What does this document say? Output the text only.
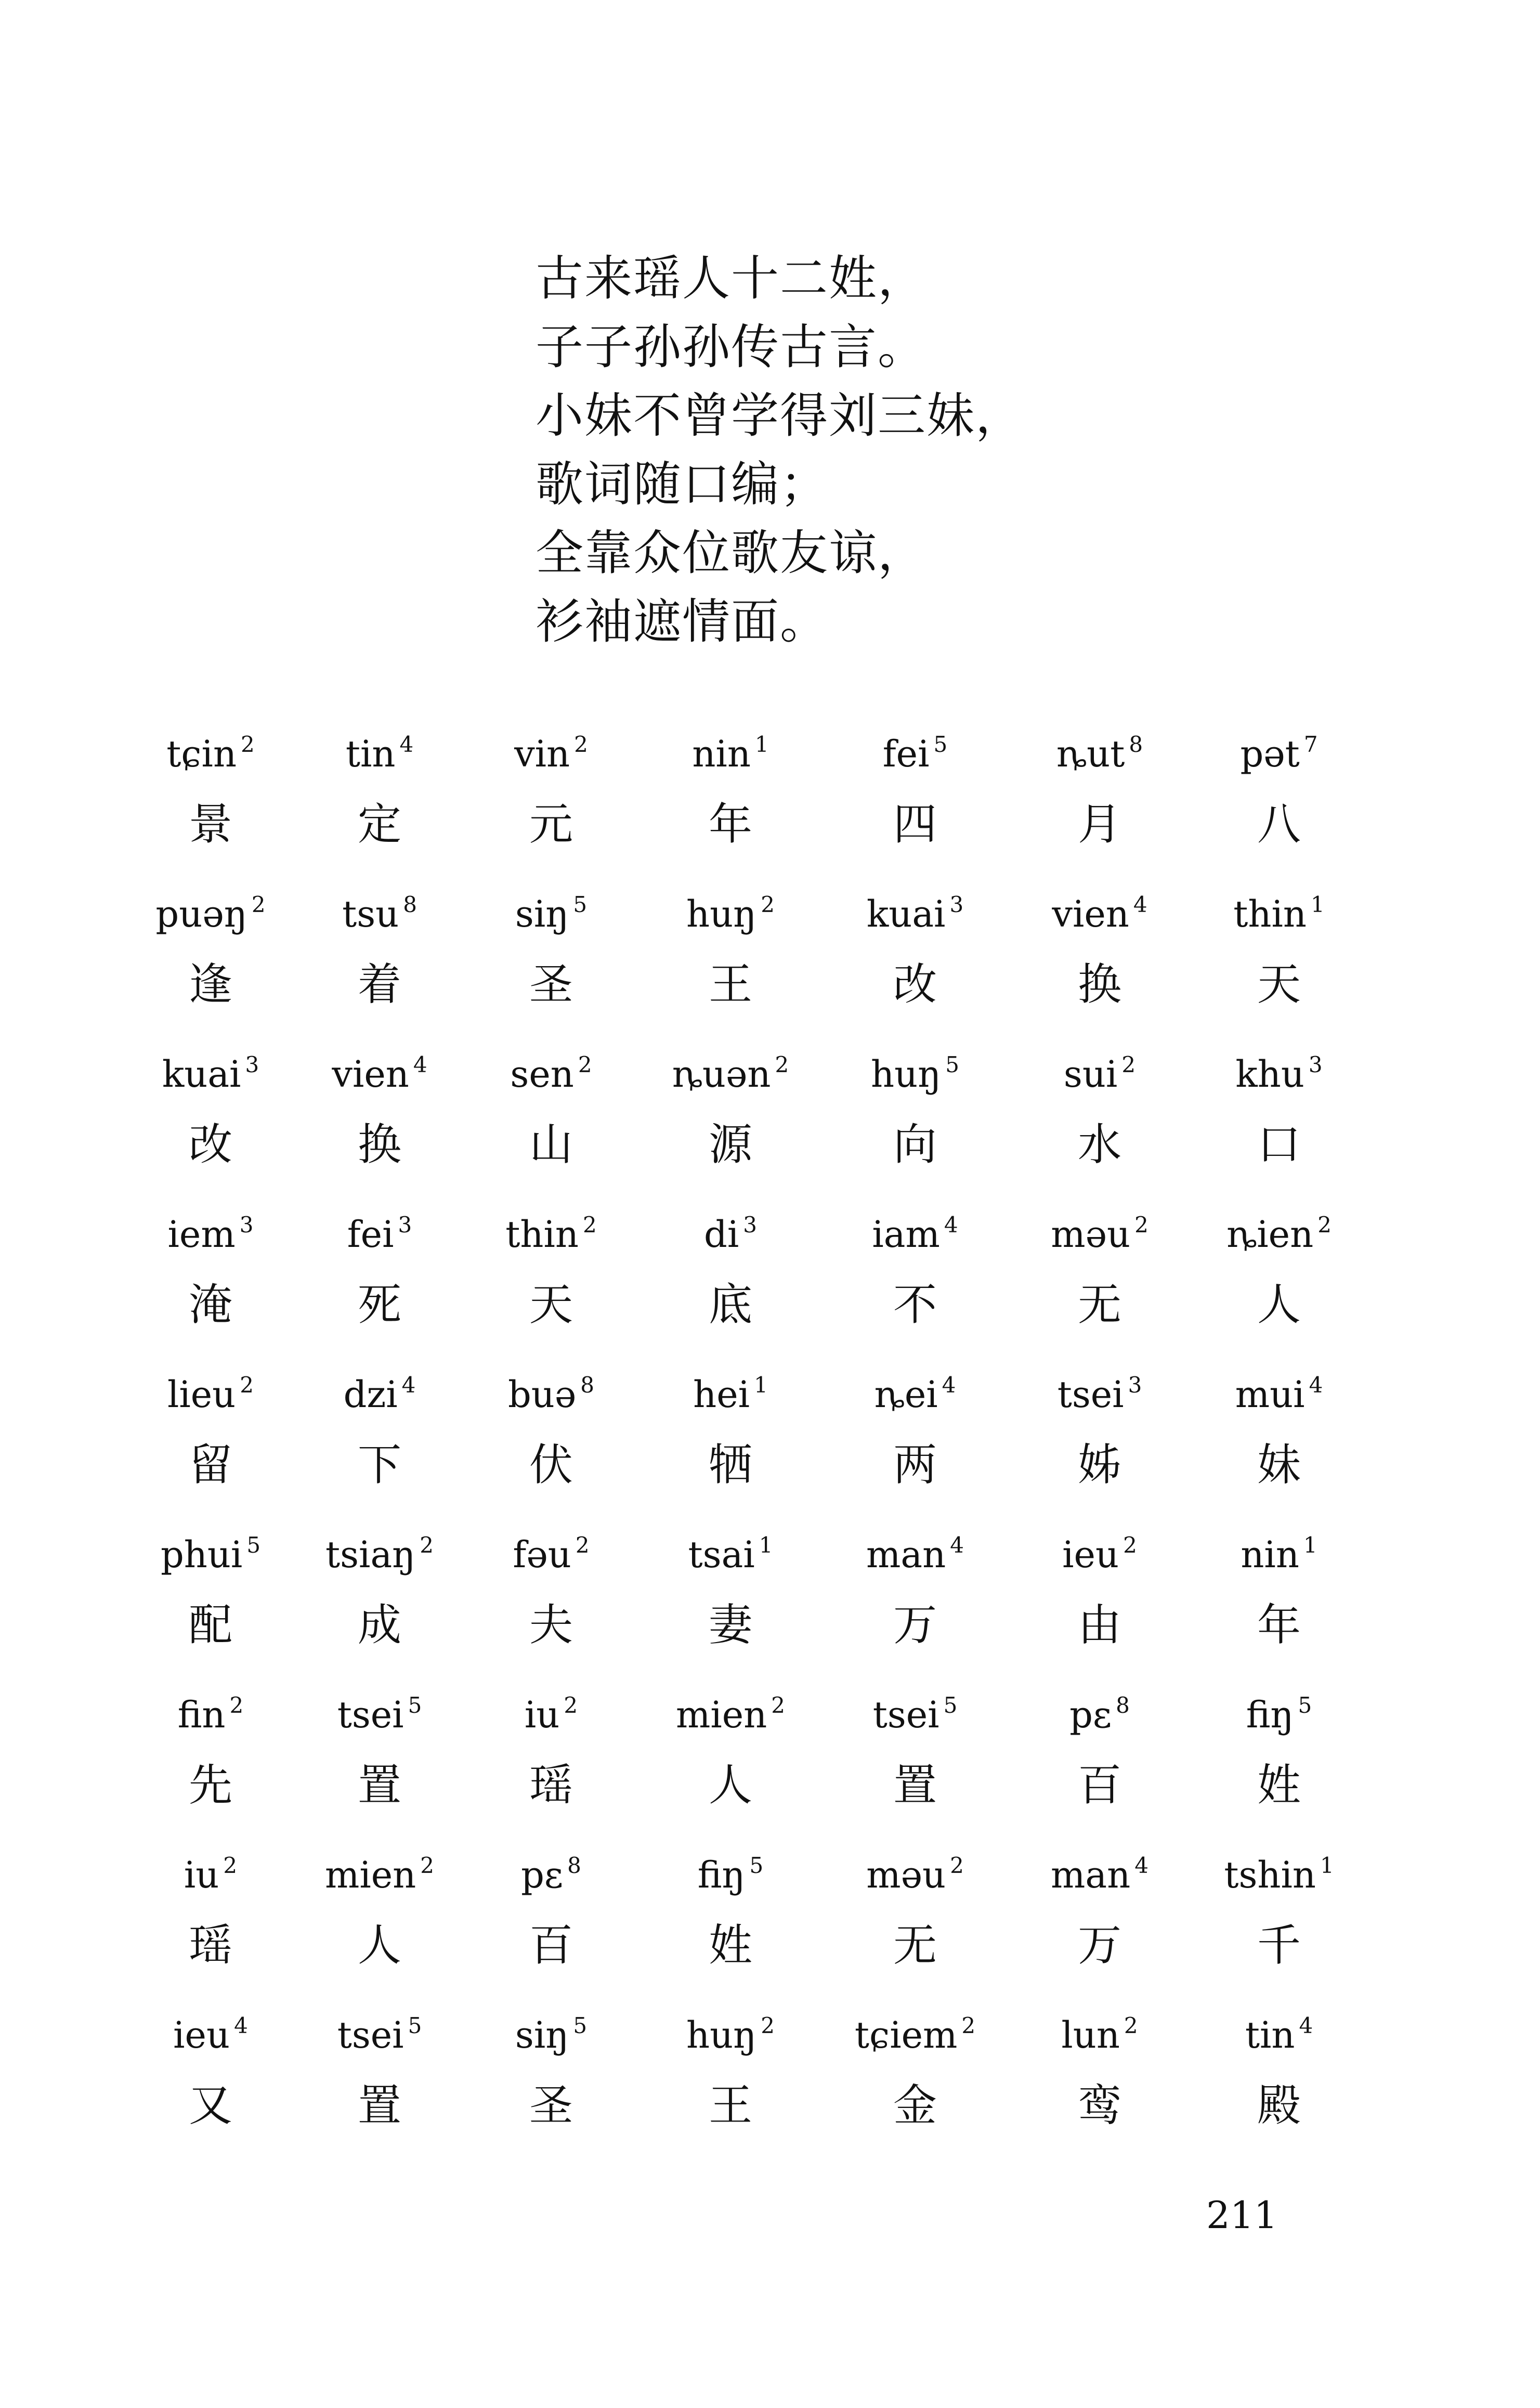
古来瑶人十二姓，
子子孙孙传古言。
小妹不曾学得刘三妹，
歌词随口编；
全靠众位歌友谅，
衫袖遮情面。
tɕin $^2$
景
tin $^4$
定
vin $^2$
元
nin $^1$
年
fei $^5$
四
ȵut $^8$
月
pət $^7$
八
puəŋ $^2$
逢
tsu $^8$
着
siŋ $^5$
圣
huŋ $^2$
王
kuai $^3$
改
vien $^4$
换
thin $^1$
天
kuai $^3$
改
vien $^4$
换
sen $^2$
山
ȵuən $^2$
源
huŋ $^5$
向
sui $^2$
水
khu $^3$
口
iem $^3$
淹
fei $^3$
死
thin $^2$
天
di $^3$
底
iam $^4$
不
məu $^2$
无
ȵien $^2$
人
lieu $^2$
留
dzi $^4$
下
buə $^8$
伏
hei $^1$
牺
ȵei $^4$
两
tsei $^3$
姊
mui $^4$
妹
phui $^5$
配
tsiaŋ $^2$
成
fəu $^2$
夫
tsai $^1$
妻
man $^4$
万
ieu $^2$
由
nin $^1$
年
fin $^2$
先
tsei $^5$
置
iu $^2$
瑶
mien $^2$
人
tsei $^5$
置
pɛ $^8$
百
fiŋ $^5$
姓
iu $^2$
瑶
mien $^2$
人
pɛ $^8$
百
fiŋ $^5$
姓
məu $^2$
无
man $^4$
万
tshin $^1$
千
ieu $^4$
又
tsei $^5$
置
siŋ $^5$
圣
huŋ $^2$
王
tɕiem $^2$
金
lun $^2$
鸾
tin $^4$
殿
211
